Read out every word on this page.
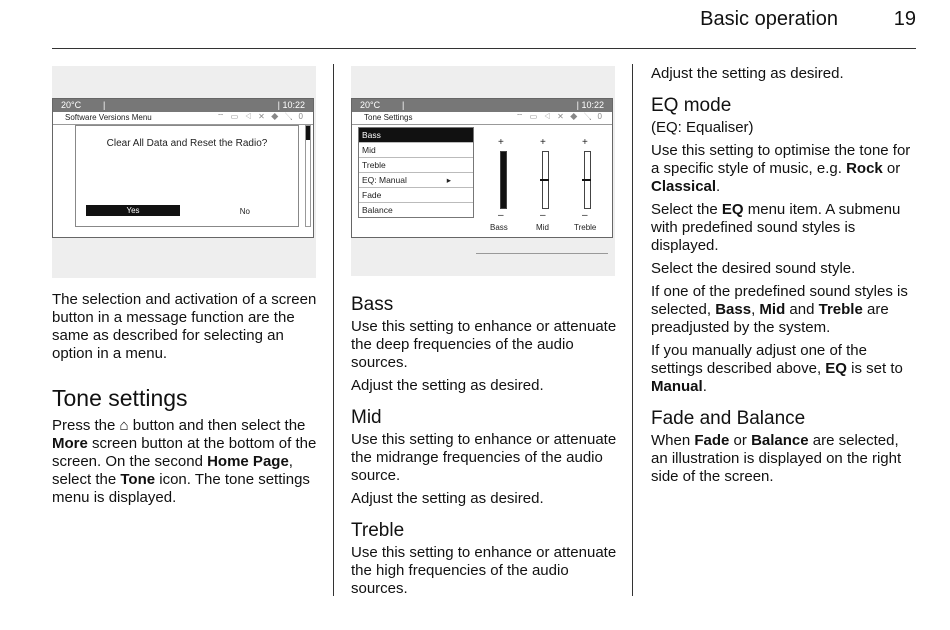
Basic operation	19
20°C |	| 10:22
Software Versions Menu	⌔ ▭ ◁ ✕ ◆ ↘ 0
Clear All Data and Reset the Radio?
Yes	No
20°C |	| 10:22
Tone Settings	⌔ ▭ ◁ ✕ ◆ ↘ 0
Bass
Mid
Treble
EQ: Manual	▸
Fade
Balance
+
–
+
–
+
–
Bass	Mid	Treble

The selection and activation of a screen button in a message function are the same as described for selecting an option in a menu.

Tone settings

Press the ⌂ button and then select the More screen button at the bottom of the screen. On the second Home Page, select the Tone icon. The tone settings menu is displayed.

Bass

Use this setting to enhance or attenuate the deep frequencies of the audio sources.

Adjust the setting as desired.

Mid

Use this setting to enhance or attenuate the midrange frequencies of the audio source.

Adjust the setting as desired.

Treble

Use this setting to enhance or attenuate the high frequencies of the audio sources.

Adjust the setting as desired.

EQ mode

(EQ: Equaliser)

Use this setting to optimise the tone for a specific style of music, e.g. Rock or Classical.

Select the EQ menu item. A submenu with predefined sound styles is displayed.

Select the desired sound style.

If one of the predefined sound styles is selected, Bass, Mid and Treble are preadjusted by the system.

If you manually adjust one of the settings described above, EQ is set to Manual.

Fade and Balance

When Fade or Balance are selected, an illustration is displayed on the right side of the screen.
